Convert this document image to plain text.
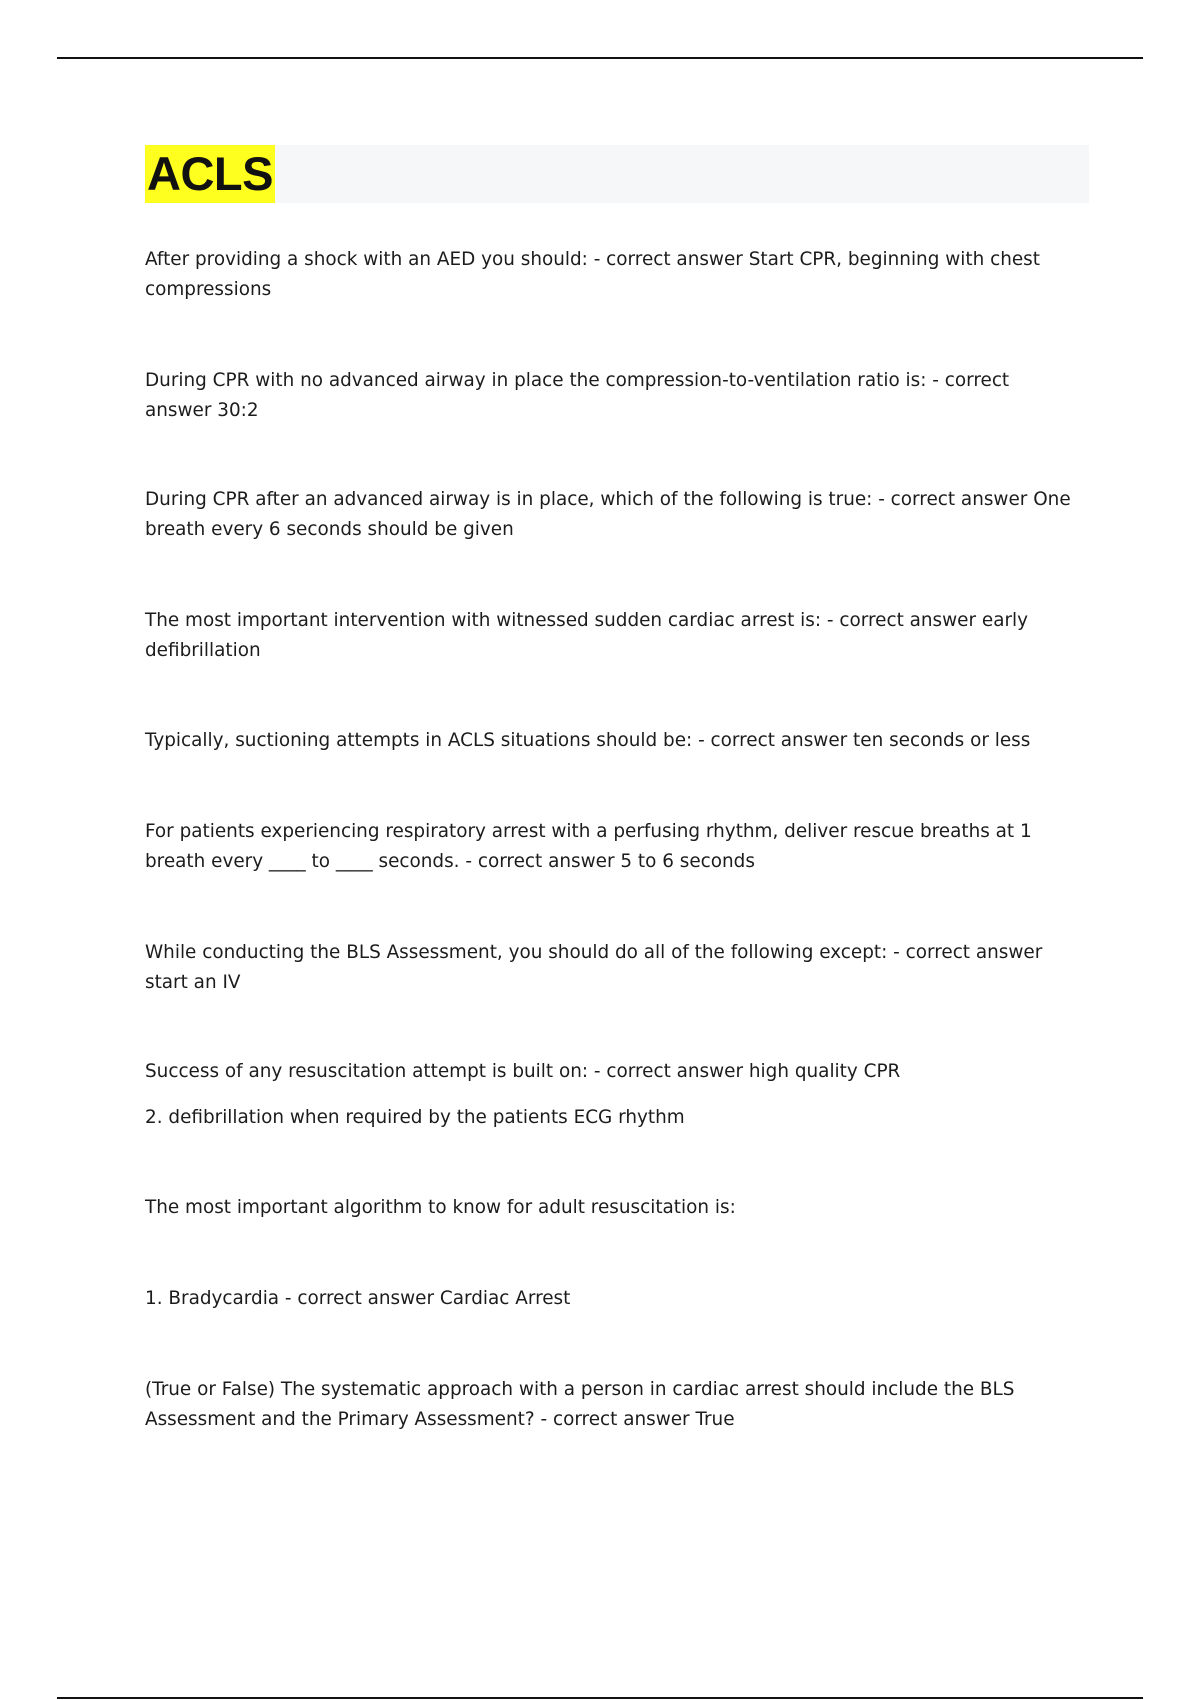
ACLS

After providing a shock with an AED you should: - correct answer Start CPR, beginning with chest compressions

During CPR with no advanced airway in place the compression-to-ventilation ratio is: - correct answer 30:2

During CPR after an advanced airway is in place, which of the following is true: - correct answer One breath every 6 seconds should be given

The most important intervention with witnessed sudden cardiac arrest is: - correct answer early defibrillation

Typically, suctioning attempts in ACLS situations should be: - correct answer ten seconds or less

For patients experiencing respiratory arrest with a perfusing rhythm, deliver rescue breaths at 1 breath every ____ to ____ seconds. - correct answer 5 to 6 seconds

While conducting the BLS Assessment, you should do all of the following except: - correct answer start an IV

Success of any resuscitation attempt is built on: - correct answer high quality CPR

2. defibrillation when required by the patients ECG rhythm

The most important algorithm to know for adult resuscitation is:

1. Bradycardia - correct answer Cardiac Arrest

(True or False) The systematic approach with a person in cardiac arrest should include the BLS Assessment and the Primary Assessment? - correct answer True
